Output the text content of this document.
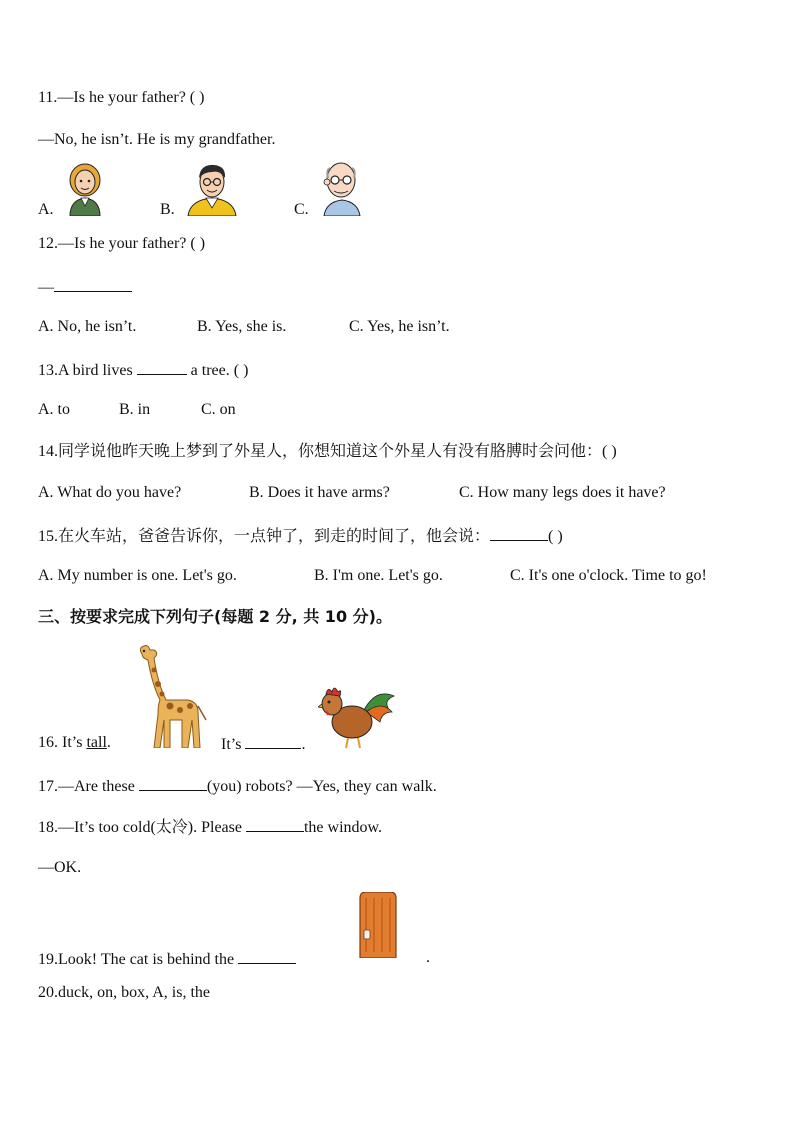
11.—Is he your father? ( )
—No, he isn’t. He is my grandfather.
A.	B.	C.
12.—Is he your father? ( )
—
A. No, he isn’t.	B. Yes, she is.	C. Yes, he isn’t.
13.A bird lives	a tree. ( )
A. to	B. in	C. on
14.同学说他昨天晚上梦到了外星人，你想知道这个外星人有没有胳膊时会问他：( )
A. What do you have?	B. Does it have arms?	C. How many legs does it have?
15.在火车站，爸爸告诉你，一点钟了，到走的时间了，他会说：	( )
A. My number is one. Let's go.	B. I'm one. Let's go.	C. It's one o'clock. Time to go!
三、按要求完成下列句子(每题 2 分, 共 10 分)。
16. It’s tall.	It’s	.
17.—Are these	(you) robots? —Yes, they can walk.
18.—It’s too cold(太冷). Please	the window.
—OK.
19.Look! The cat is behind the	.
20.duck, on, box, A, is, the
